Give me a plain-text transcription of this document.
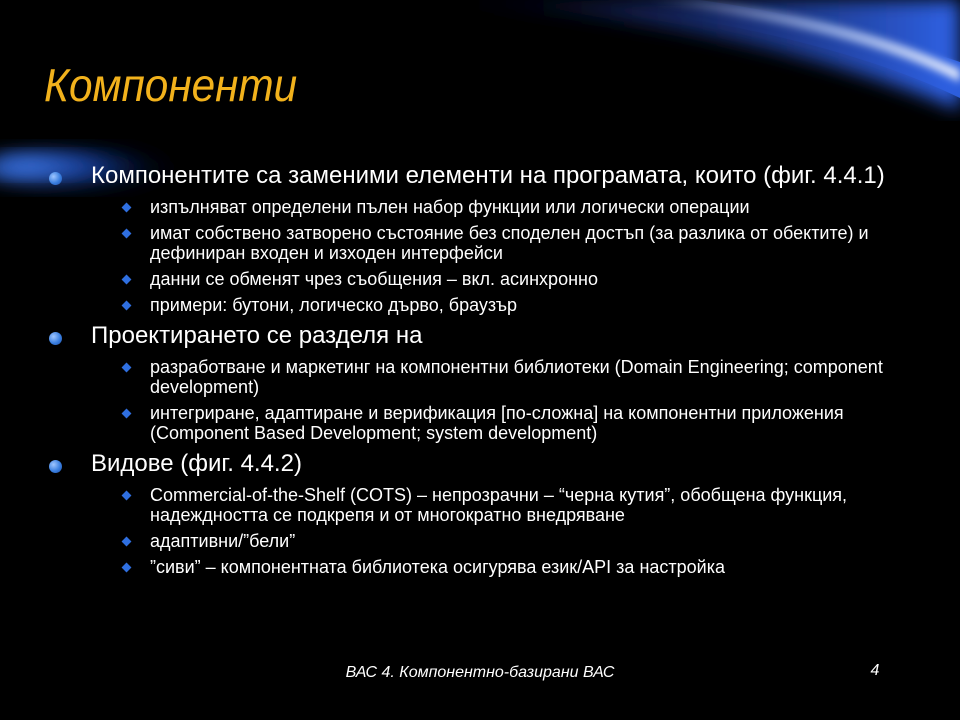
Компоненти
Компонентите са заменими елементи на програмата, които (фиг. 4.4.1)
изпълняват определени пълен набор функции или логически операции
имат собствено затворено състояние без споделен достъп (за разлика от обектите) и дефиниран входен и изходен интерфейси
данни се обменят чрез съобщения – вкл. асинхронно
примери: бутони, логическо дърво, браузър
Проектирането се разделя на
разработване и маркетинг на компонентни библиотеки (Domain Engineering; component development)
интегриране, адаптиране и верификация [по-сложна] на компонентни приложения (Component Based Development; system development)
Видове (фиг. 4.4.2)
Commercial-of-the-Shelf (COTS) – непрозрачни – “черна кутия”, обобщена функция, надеждността се подкрепя и от многократно внедряване
адаптивни/”бели”
”сиви” – компонентната библиотека осигурява език/API за настройка
ВАС 4. Компонентно-базирани ВАС	4
